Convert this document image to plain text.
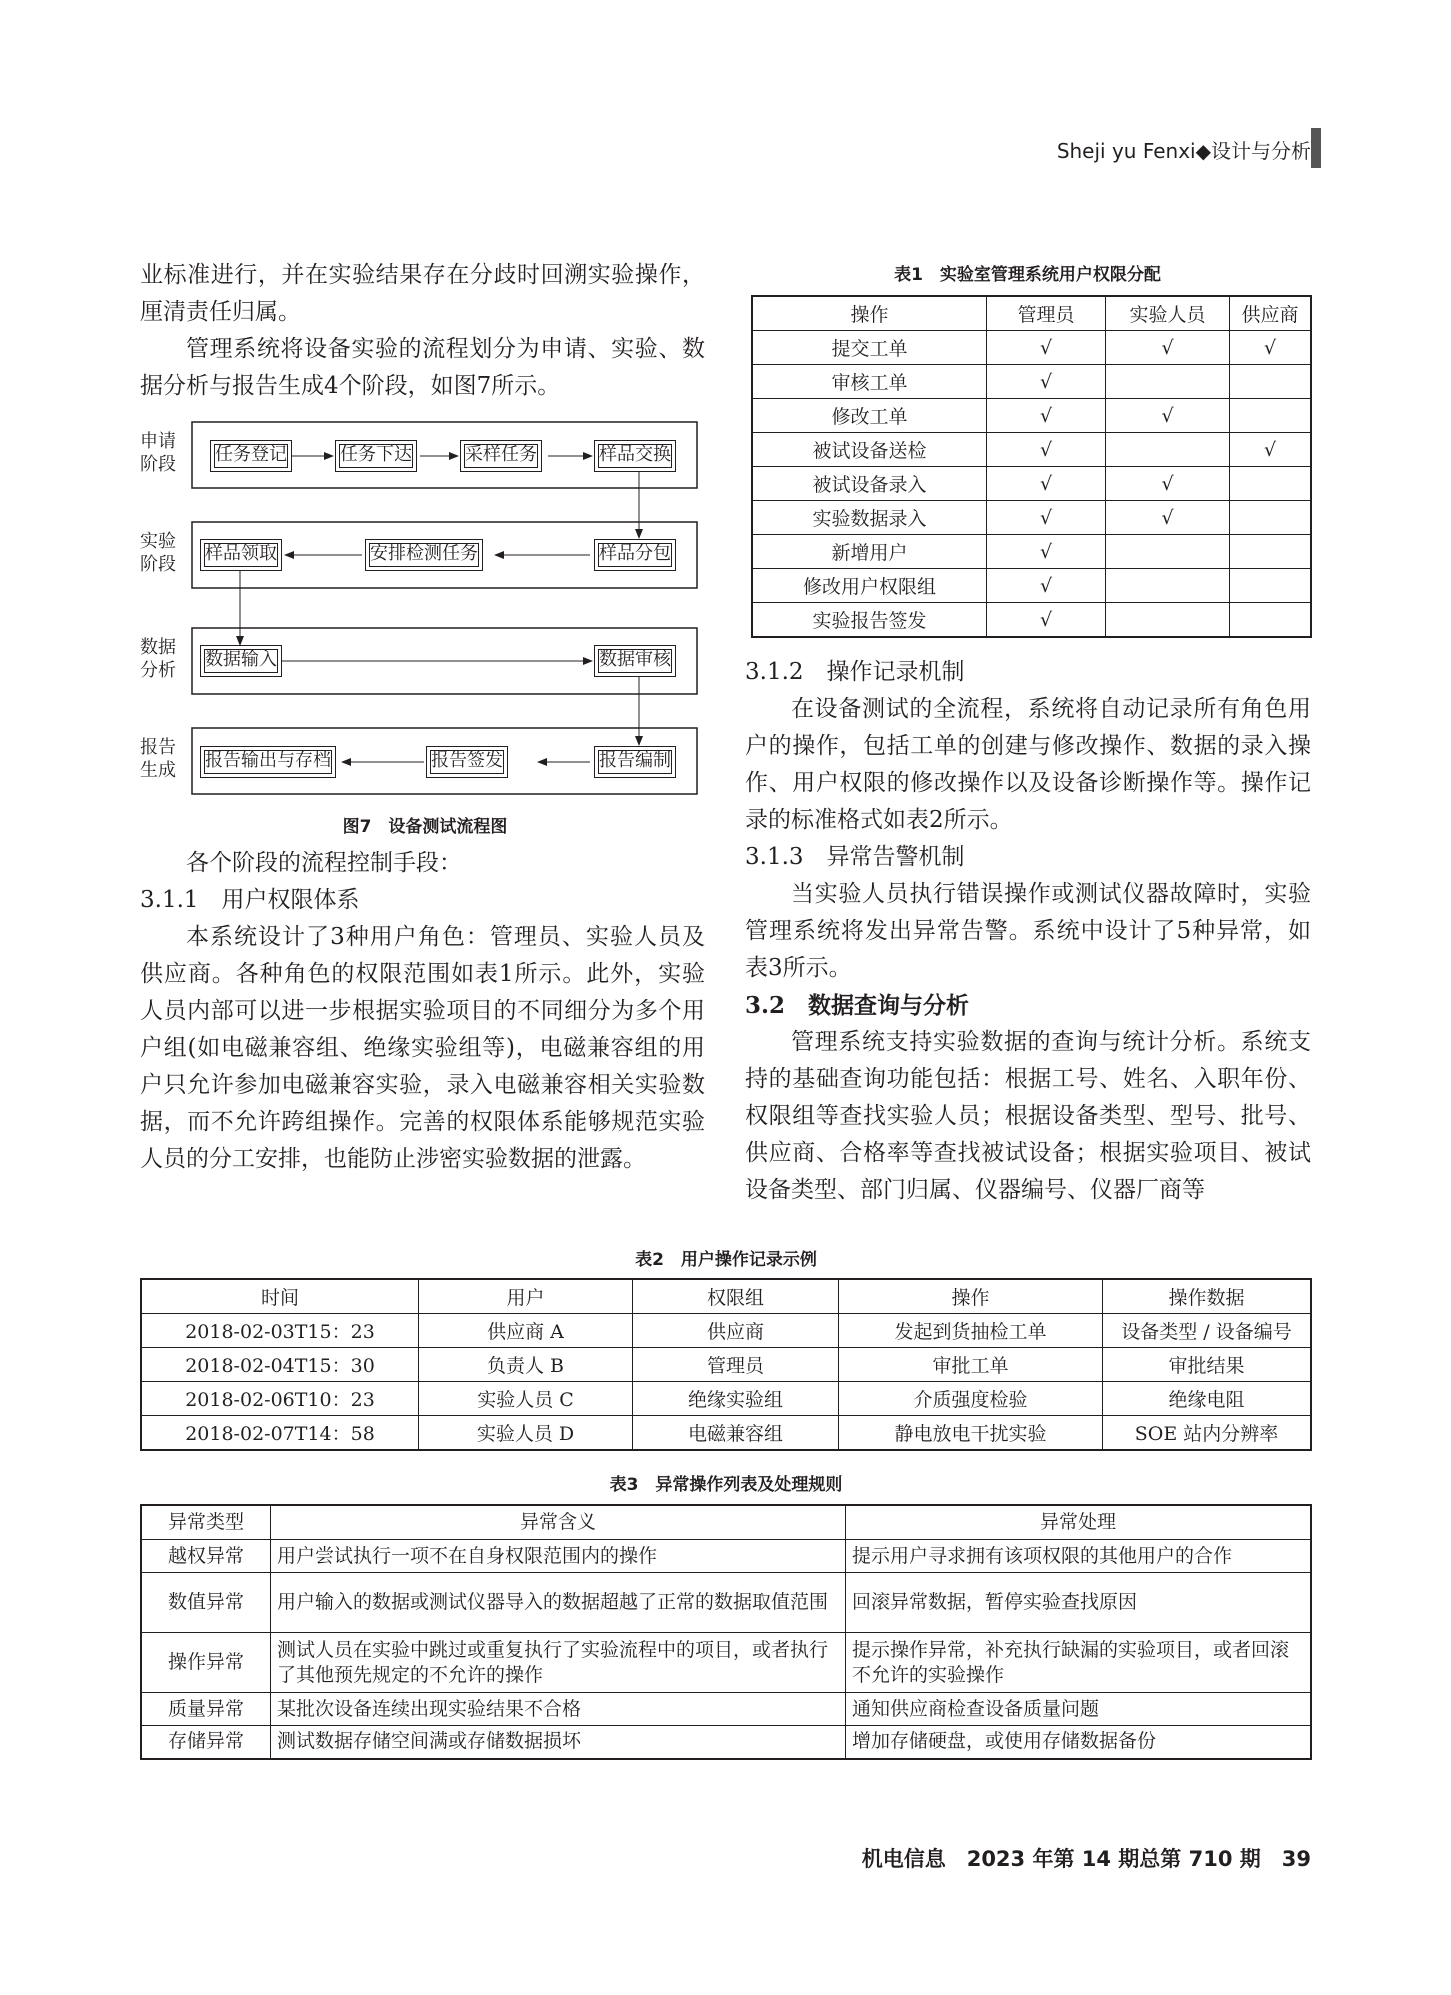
Sheji yu Fenxi◆设计与分析

业标准进行，并在实验结果存在分歧时回溯实验操作，厘清责任归属。

管理系统将设备实验的流程划分为申请、实验、数据分析与报告生成4个阶段，如图7所示。

申请
阶段
实验
阶段
数据
分析
报告
生成
任务登记	任务下达	采样任务	样品交换
样品领取	安排检测任务	样品分包
数据输入	数据审核
报告输出与存档	报告签发	报告编制
图7　设备测试流程图

各个阶段的流程控制手段：

3.1.1　用户权限体系

本系统设计了3种用户角色：管理员、实验人员及供应商。各种角色的权限范围如表1所示。此外，实验人员内部可以进一步根据实验项目的不同细分为多个用户组(如电磁兼容组、绝缘实验组等)，电磁兼容组的用户只允许参加电磁兼容实验，录入电磁兼容相关实验数据，而不允许跨组操作。完善的权限体系能够规范实验人员的分工安排，也能防止涉密实验数据的泄露。

表1　实验室管理系统用户权限分配
操作	管理员	实验人员	供应商
提交工单	√	√	√
审核工单	√		
修改工单	√	√	
被试设备送检	√		√
被试设备录入	√	√	
实验数据录入	√	√	
新增用户	√		
修改用户权限组	√		
实验报告签发	√		

3.1.2　操作记录机制

在设备测试的全流程，系统将自动记录所有角色用户的操作，包括工单的创建与修改操作、数据的录入操作、用户权限的修改操作以及设备诊断操作等。操作记录的标准格式如表2所示。

3.1.3　异常告警机制

当实验人员执行错误操作或测试仪器故障时，实验管理系统将发出异常告警。系统中设计了5种异常，如表3所示。

3.2　数据查询与分析

管理系统支持实验数据的查询与统计分析。系统支持的基础查询功能包括：根据工号、姓名、入职年份、权限组等查找实验人员；根据设备类型、型号、批号、供应商、合格率等查找被试设备；根据实验项目、被试设备类型、部门归属、仪器编号、仪器厂商等

表2　用户操作记录示例
时间	用户	权限组	操作	操作数据
2018-02-03T15：23	供应商 A	供应商	发起到货抽检工单	设备类型 / 设备编号
2018-02-04T15：30	负责人 B	管理员	审批工单	审批结果
2018-02-06T10：23	实验人员 C	绝缘实验组	介质强度检验	绝缘电阻
2018-02-07T14：58	实验人员 D	电磁兼容组	静电放电干扰实验	SOE 站内分辨率
表3　异常操作列表及处理规则
异常类型	异常含义	异常处理
越权异常	用户尝试执行一项不在自身权限范围内的操作	提示用户寻求拥有该项权限的其他用户的合作
数值异常	用户输入的数据或测试仪器导入的数据超越了正常的数据取值范围	回滚异常数据，暂停实验查找原因
操作异常	测试人员在实验中跳过或重复执行了实验流程中的项目，或者执行了其他预先规定的不允许的操作	提示操作异常，补充执行缺漏的实验项目，或者回滚不允许的实验操作
质量异常	某批次设备连续出现实验结果不合格	通知供应商检查设备质量问题
存储异常	测试数据存储空间满或存储数据损坏	增加存储硬盘，或使用存储数据备份
机电信息　2023 年第 14 期总第 710 期　39
